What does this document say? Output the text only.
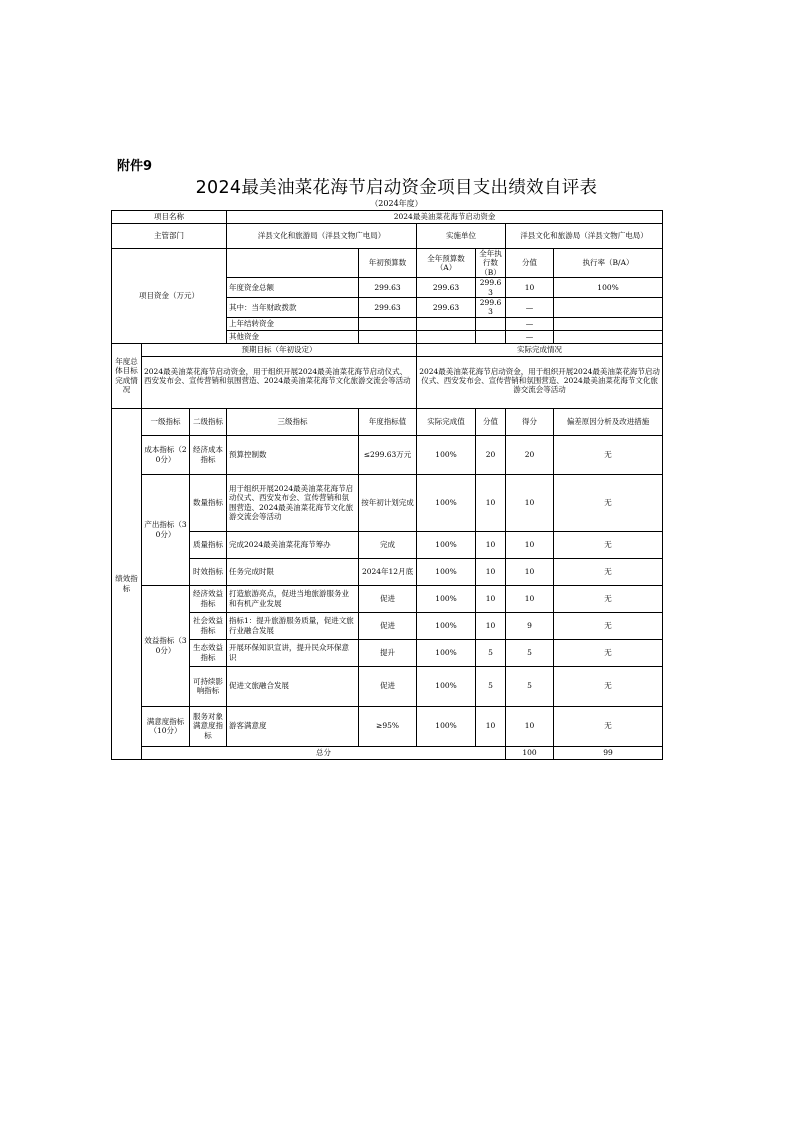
附件9
2024最美油菜花海节启动资金项目支出绩效自评表
（2024年度）
项目名称			2024最美油菜花海节启动资金						
主管部门			洋县文化和旅游局（洋县文物广电局）		实施单位		洋县文化和旅游局（洋县文物广电局）		
项目资金（万元）				年初预算数	全年预算数（A）	全年执行数（B）	分值	执行率（B/A）	
			年度资金总额	299.63	299.63	299.63	10	100%	
			其中：当年财政拨款	299.63	299.63	299.63	—		
			上年结转资金				—		
			其他资金				—		
年度总体目标完成情况	预期目标（年初设定）				实际完成情况				
	2024最美油菜花海节启动资金，用于组织开展2024最美油菜花海节启动仪式、西安发布会、宣传营销和氛围营造、2024最美油菜花海节文化旅游交流会等活动				2024最美油菜花海节启动资金，用于组织开展2024最美油菜花海节启动仪式、西安发布会、宣传营销和氛围营造、2024最美油菜花海节文化旅游交流会等活动				
绩效指标	一级指标	二级指标	三级指标	年度指标值	实际完成值	分值	得分	偏差原因分析及改进措施	
	成本指标（20分）	经济成本指标	预算控制数	≤299.63万元	100%	20	20	无	
	产出指标（30分）	数量指标	用于组织开展2024最美油菜花海节启动仪式、西安发布会、宣传营销和氛围营造、2024最美油菜花海节文化旅游交流会等活动	按年初计划完成	100%	10	10	无	
		质量指标	完成2024最美油菜花海节筹办	完成	100%	10	10	无	
		时效指标	任务完成时限	2024年12月底	100%	10	10	无	
	效益指标（30分）	经济效益指标	打造旅游亮点，促进当地旅游服务业和有机产业发展	促进	100%	10	10	无	
		社会效益指标	指标1：提升旅游服务质量，促进文旅行业融合发展	促进	100%	10	9	无	
		生态效益指标	开展环保知识宣讲，提升民众环保意识	提升	100%	5	5	无	
		可持续影响指标	促进文旅融合发展	促进	100%	5	5	无	
	满意度指标（10分）	服务对象满意度指标	游客满意度	≥95%	100%	10	10	无	
	总分						100	99	
